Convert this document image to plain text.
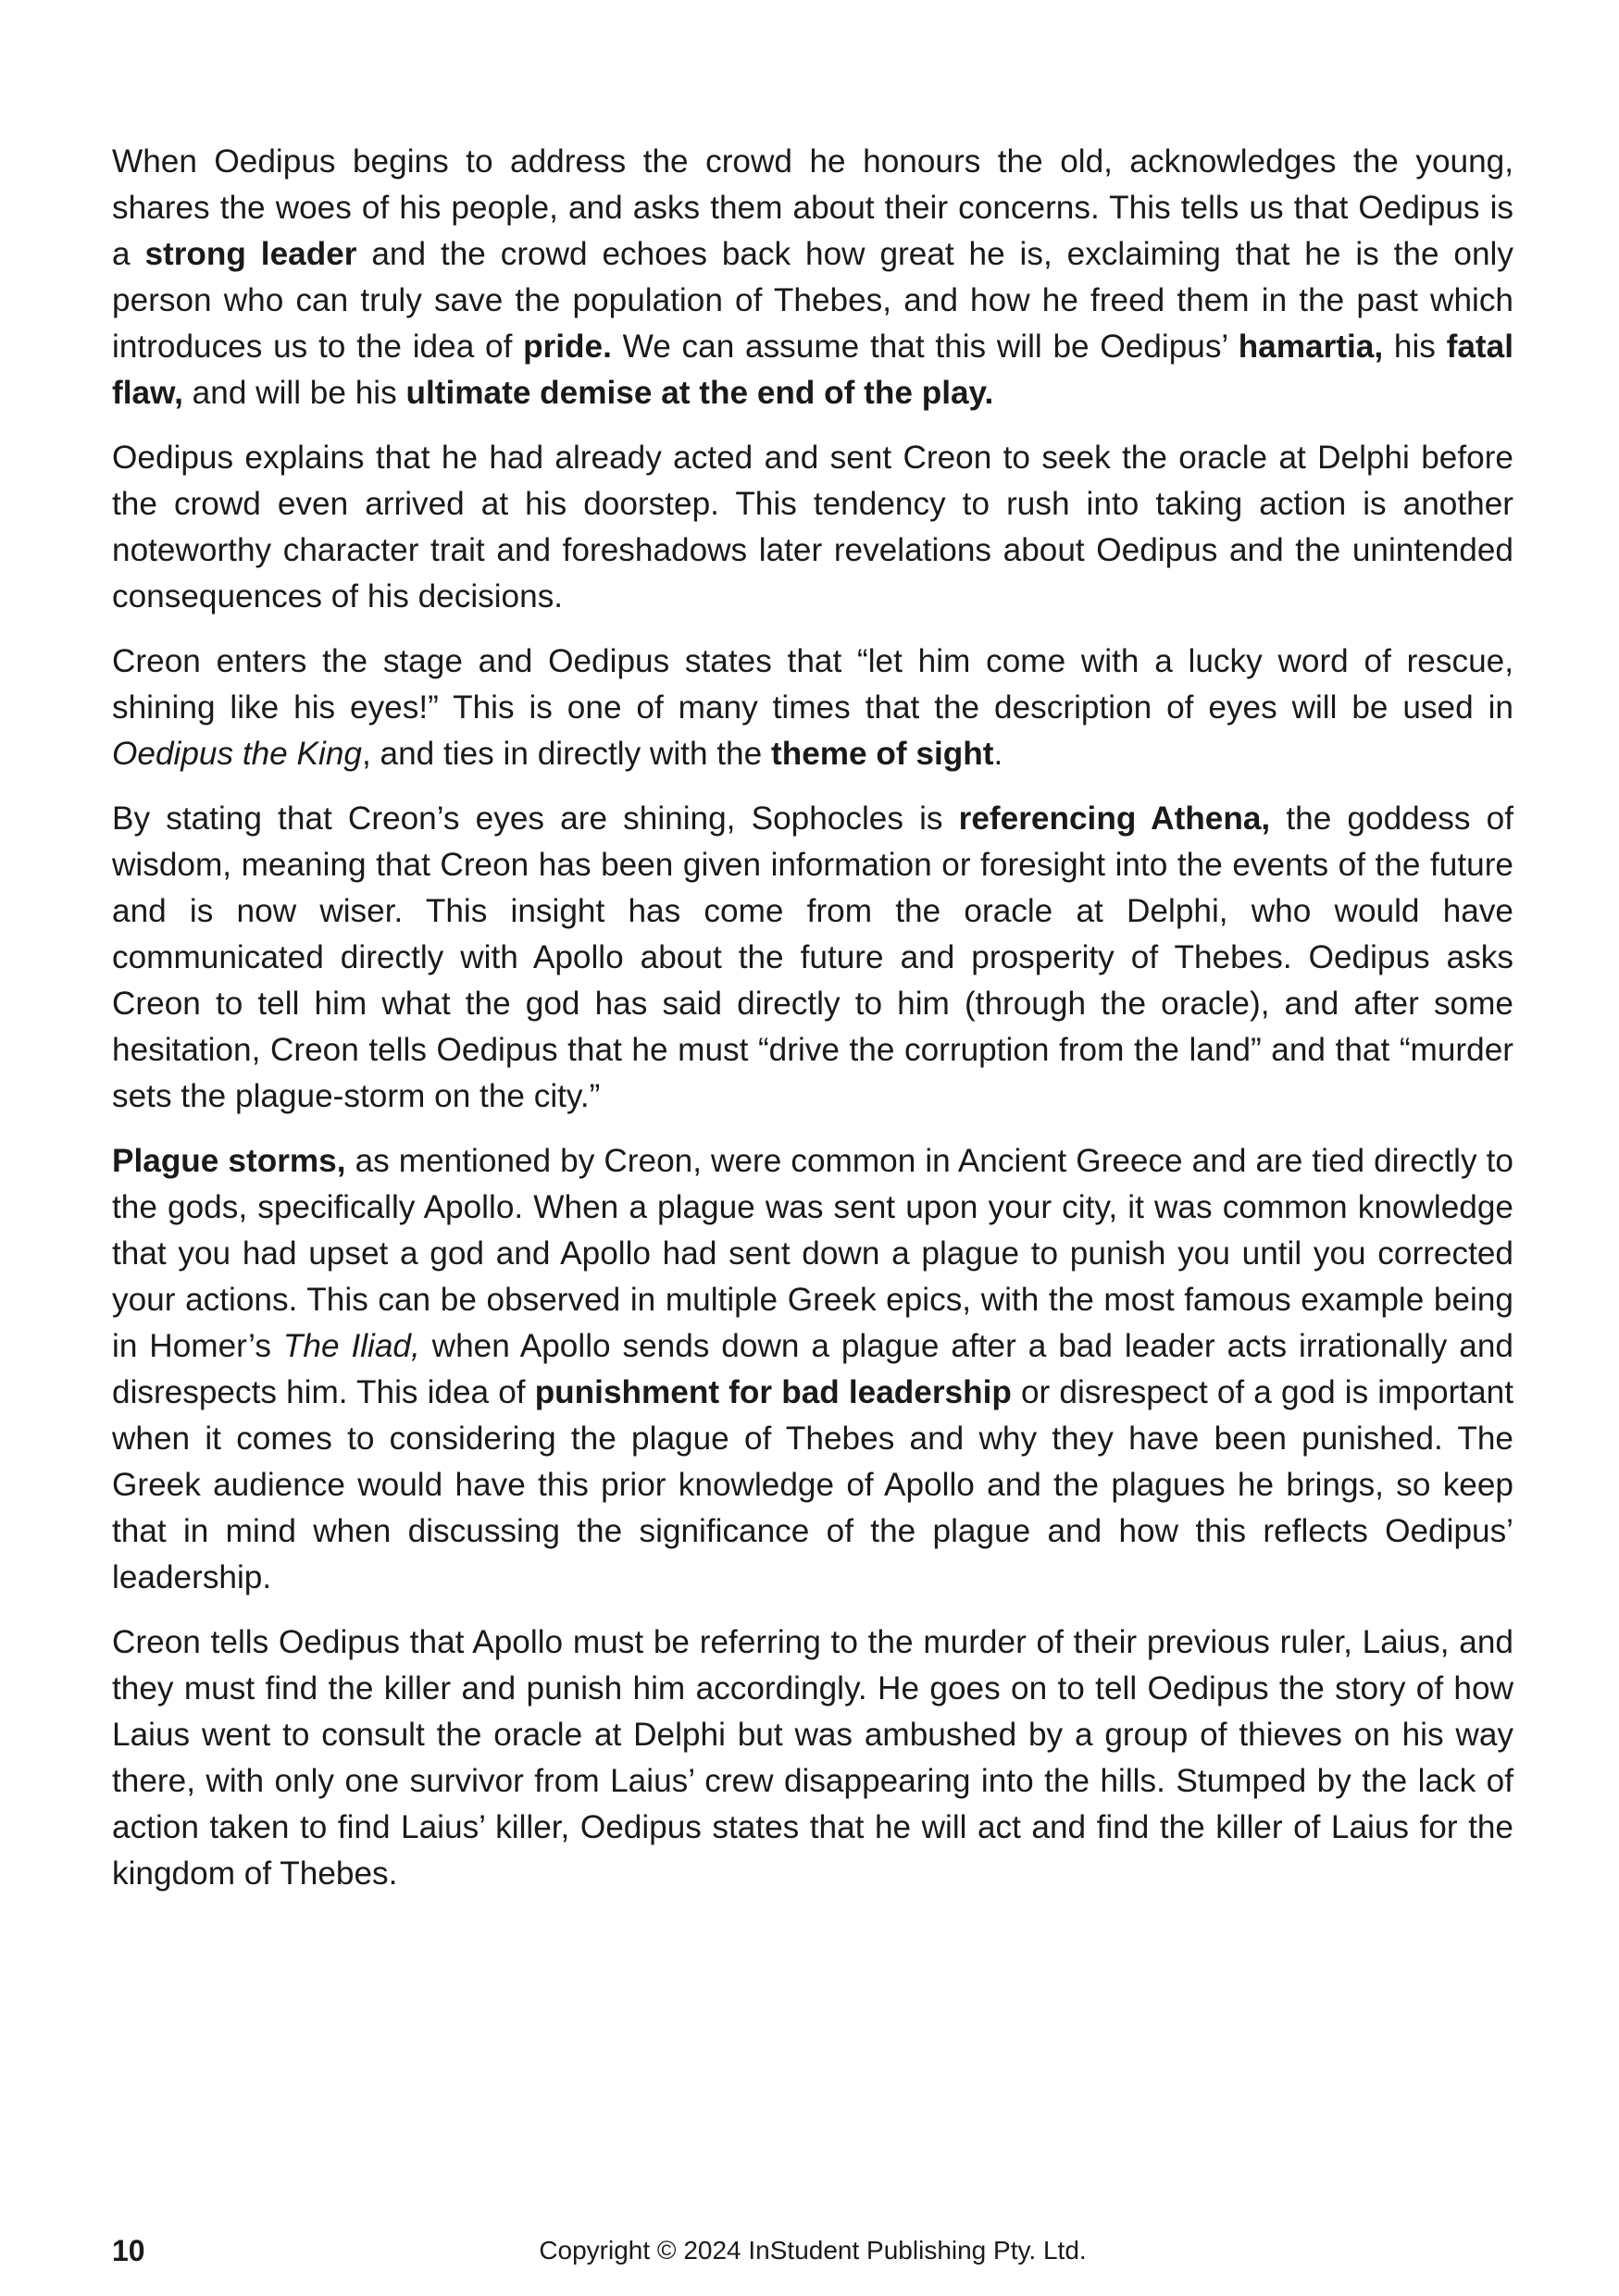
When Oedipus begins to address the crowd he honours the old, acknowledges the young, shares the woes of his people, and asks them about their concerns. This tells us that Oedipus is a strong leader and the crowd echoes back how great he is, exclaiming that he is the only person who can truly save the population of Thebes, and how he freed them in the past which introduces us to the idea of pride. We can assume that this will be Oedipus’ hamartia, his fatal flaw, and will be his ultimate demise at the end of the play.

Oedipus explains that he had already acted and sent Creon to seek the oracle at Delphi before the crowd even arrived at his doorstep. This tendency to rush into taking action is another noteworthy character trait and foreshadows later revelations about Oedipus and the unintended consequences of his decisions.

Creon enters the stage and Oedipus states that “let him come with a lucky word of rescue, shining like his eyes!” This is one of many times that the description of eyes will be used in Oedipus the King, and ties in directly with the theme of sight.

By stating that Creon’s eyes are shining, Sophocles is referencing Athena, the goddess of wisdom, meaning that Creon has been given information or foresight into the events of the future and is now wiser. This insight has come from the oracle at Delphi, who would have communicated directly with Apollo about the future and prosperity of Thebes. Oedipus asks Creon to tell him what the god has said directly to him (through the oracle), and after some hesitation, Creon tells Oedipus that he must “drive the corruption from the land” and that “murder sets the plague-storm on the city.”

Plague storms, as mentioned by Creon, were common in Ancient Greece and are tied directly to the gods, specifically Apollo. When a plague was sent upon your city, it was common knowledge that you had upset a god and Apollo had sent down a plague to punish you until you corrected your actions. This can be observed in multiple Greek epics, with the most famous example being in Homer’s The Iliad, when Apollo sends down a plague after a bad leader acts irrationally and disrespects him. This idea of punishment for bad leadership or disrespect of a god is important when it comes to considering the plague of Thebes and why they have been punished. The Greek audience would have this prior knowledge of Apollo and the plagues he brings, so keep that in mind when discussing the significance of the plague and how this reflects Oedipus’ leadership.

Creon tells Oedipus that Apollo must be referring to the murder of their previous ruler, Laius, and they must find the killer and punish him accordingly. He goes on to tell Oedipus the story of how Laius went to consult the oracle at Delphi but was ambushed by a group of thieves on his way there, with only one survivor from Laius’ crew disappearing into the hills. Stumped by the lack of action taken to find Laius’ killer, Oedipus states that he will act and find the killer of Laius for the kingdom of Thebes.

10	Copyright © 2024 InStudent Publishing Pty. Ltd.
